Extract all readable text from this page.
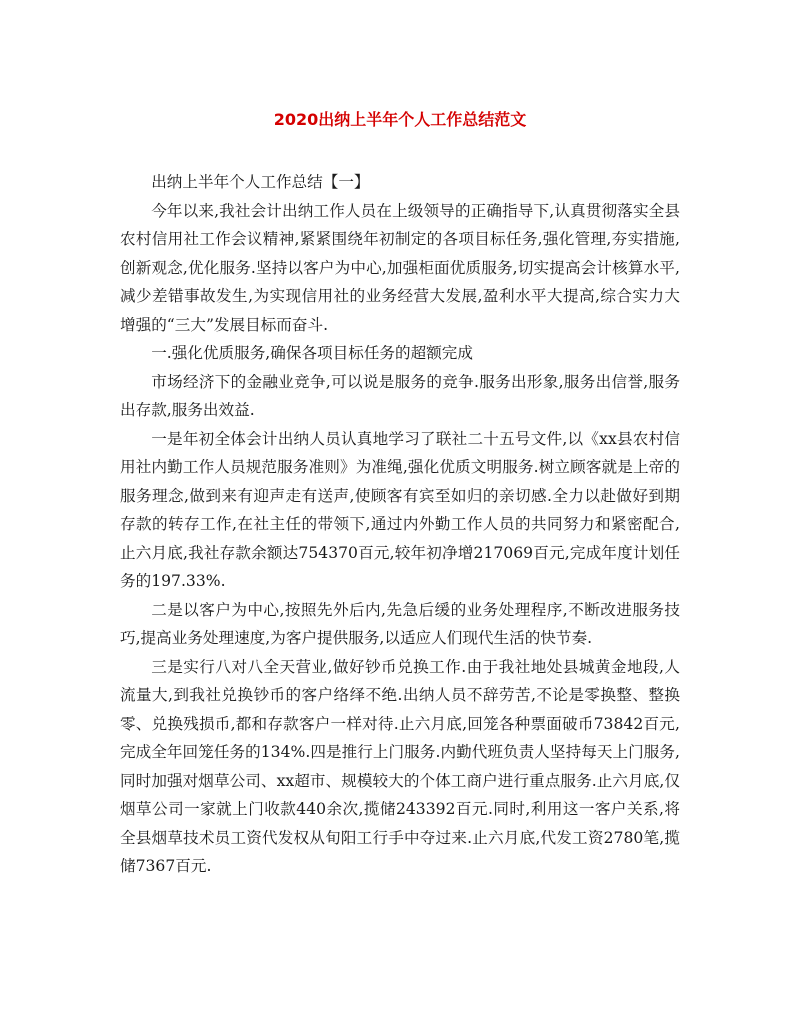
2020出纳上半年个人工作总结范文

出纳上半年个人工作总结【一】

今年以来,我社会计出纳工作人员在上级领导的正确指导下,认真贯彻落实全县农村信用社工作会议精神,紧紧围绕年初制定的各项目标任务,强化管理,夯实措施,创新观念,优化服务.坚持以客户为中心,加强柜面优质服务,切实提高会计核算水平,减少差错事故发生,为实现信用社的业务经营大发展,盈利水平大提高,综合实力大增强的“三大”发展目标而奋斗.

一.强化优质服务,确保各项目标任务的超额完成

市场经济下的金融业竞争,可以说是服务的竞争.服务出形象,服务出信誉,服务出存款,服务出效益.

一是年初全体会计出纳人员认真地学习了联社二十五号文件,以《xx县农村信用社内勤工作人员规范服务准则》为准绳,强化优质文明服务.树立顾客就是上帝的服务理念,做到来有迎声走有送声,使顾客有宾至如归的亲切感.全力以赴做好到期存款的转存工作,在社主任的带领下,通过内外勤工作人员的共同努力和紧密配合,止六月底,我社存款余额达754370百元,较年初净增217069百元,完成年度计划任务的197.33%.

二是以客户为中心,按照先外后内,先急后缓的业务处理程序,不断改进服务技巧,提高业务处理速度,为客户提供服务,以适应人们现代生活的快节奏.

三是实行八对八全天营业,做好钞币兑换工作.由于我社地处县城黄金地段,人流量大,到我社兑换钞币的客户络绎不绝.出纳人员不辞劳苦,不论是零换整、整换零、兑换残损币,都和存款客户一样对待.止六月底,回笼各种票面破币73842百元,完成全年回笼任务的134%.四是推行上门服务.内勤代班负责人坚持每天上门服务,同时加强对烟草公司、xx超市、规模较大的个体工商户进行重点服务.止六月底,仅烟草公司一家就上门收款440余次,揽储243392百元.同时,利用这一客户关系,将全县烟草技术员工资代发权从旬阳工行手中夺过来.止六月底,代发工资2780笔,揽储7367百元.
